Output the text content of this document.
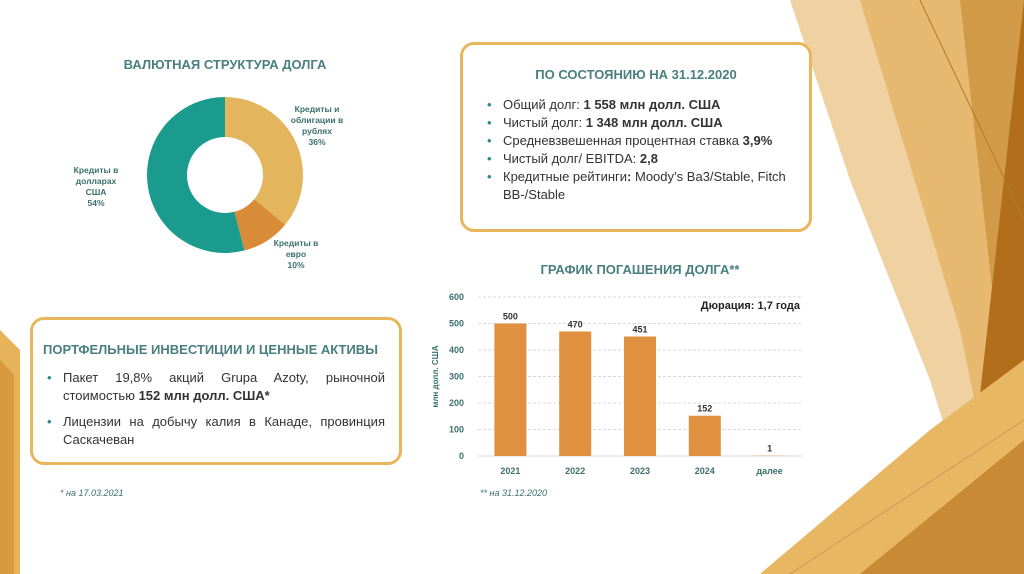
ВАЛЮТНАЯ СТРУКТУРА ДОЛГА
Кредиты и
облигации в
рублях
36%
Кредиты в
евро
10%
Кредиты в
долларах
США
54%
ПО СОСТОЯНИЮ НА 31.12.2020
• Общий долг: 1 558 млн долл. США
• Чистый долг: 1 348 млн долл. США
• Средневзвешенная процентная ставка 3,9%
• Чистый долг/ EBITDA: 2,8
• Кредитные рейтинги: Moody’s Ba3/Stable, Fitch BB-/Stable
ПОРТФЕЛЬНЫЕ ИНВЕСТИЦИИ И ЦЕННЫЕ АКТИВЫ
• Пакет 19,8% акций Grupa Azoty, рыночной стоимостью 152 млн долл. США*
• Лицензии на добычу калия в Канаде, провинция Саскачеван
ГРАФИК ПОГАШЕНИЯ ДОЛГА**
0
100
200
300
400
500
600
млн долл. США
500
2021
470
2022
451
2023
152
2024
1
далее
Дюрация: 1,7 года
* на 17.03.2021	** на 31.12.2020
